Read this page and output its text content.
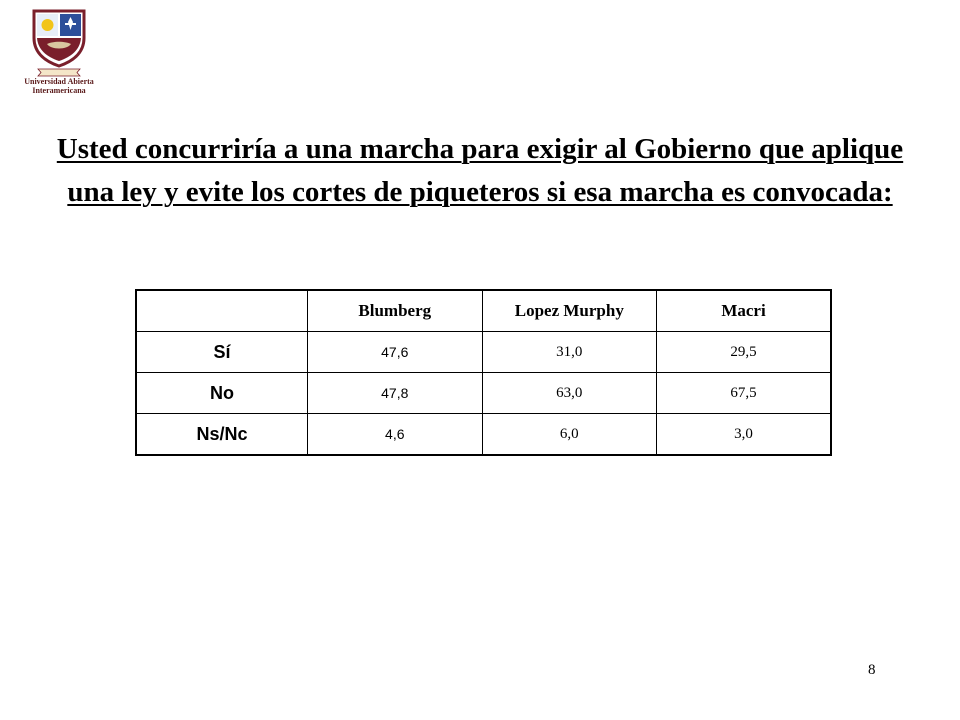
Universidad Abierta
Interamericana
Usted concurriría a una marcha para exigir al Gobierno que aplique una ley y evite los cortes de piqueteros si esa marcha es convocada:
	Blumberg	Lopez Murphy	Macri
Sí	47,6	31,0	29,5
No	47,8	63,0	67,5
Ns/Nc	4,6	6,0	3,0
8
